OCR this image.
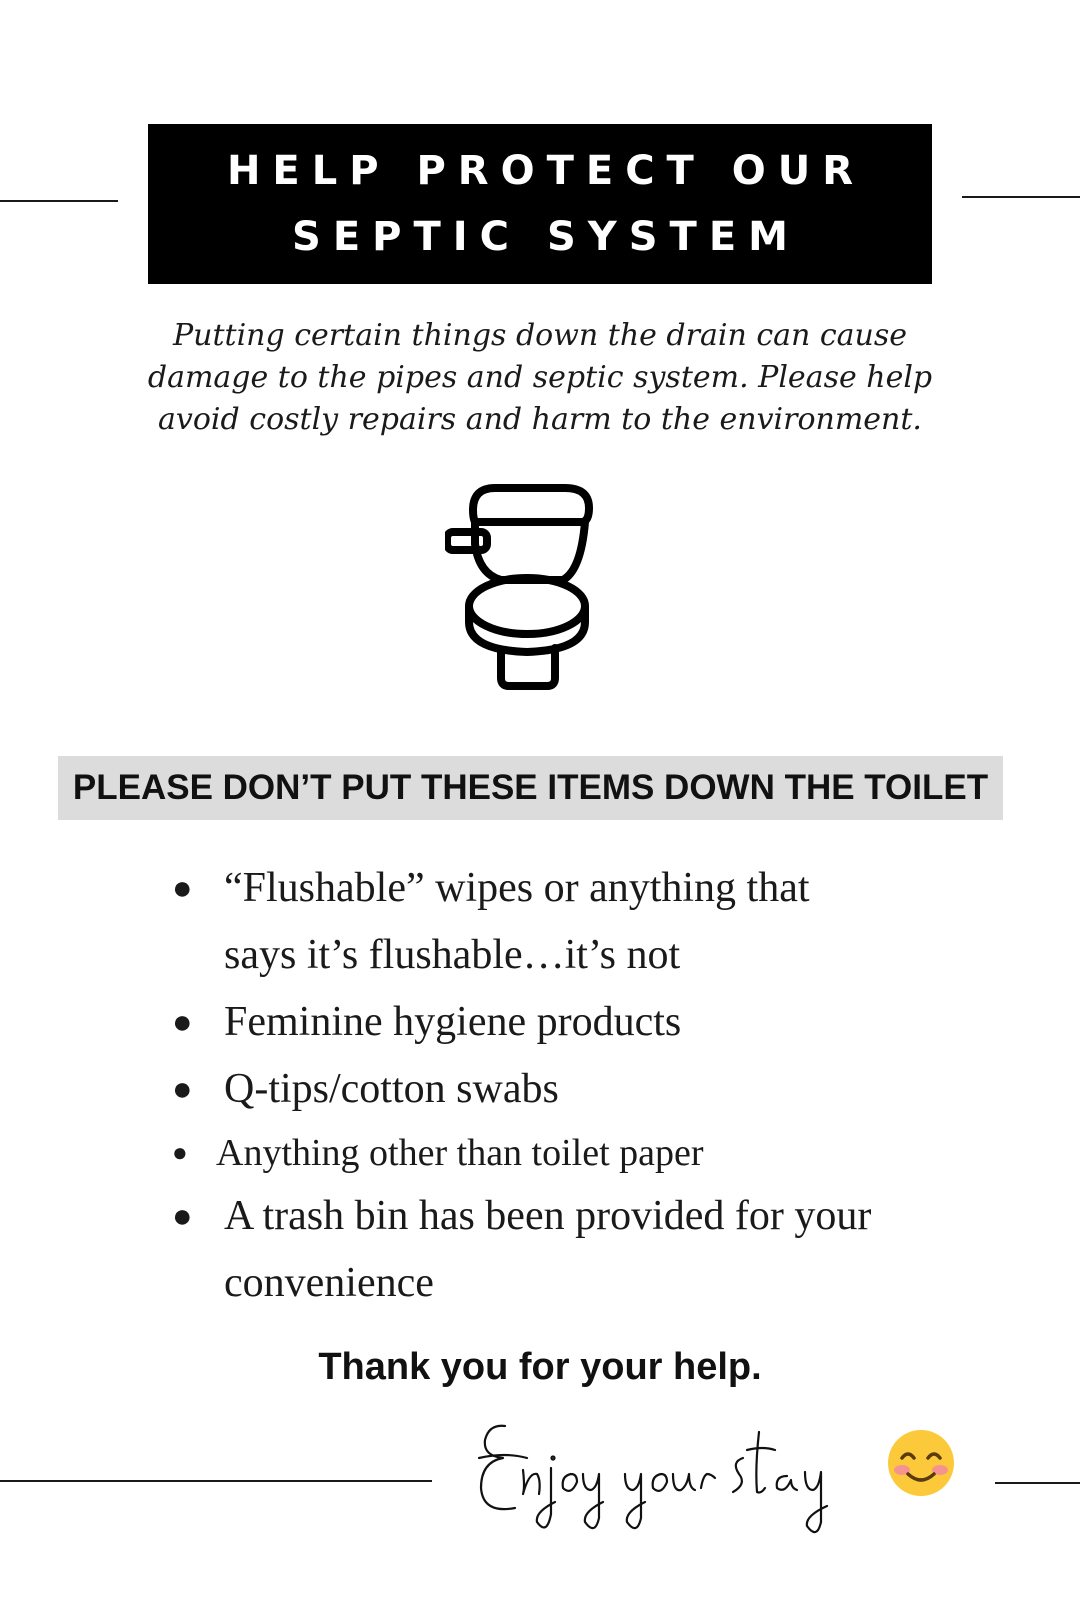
HELP PROTECT OUR
SEPTIC SYSTEM
Putting certain things down the drain can cause
damage to the pipes and septic system. Please help
avoid costly repairs and harm to the environment.
PLEASE DON’T PUT THESE ITEMS DOWN THE TOILET
● “Flushable” wipes or anything that says it’s flushable…it’s not
● Feminine hygiene products
● Q-tips/cotton swabs
● Anything other than toilet paper
● A trash bin has been provided for your convenience
Thank you for your help.
